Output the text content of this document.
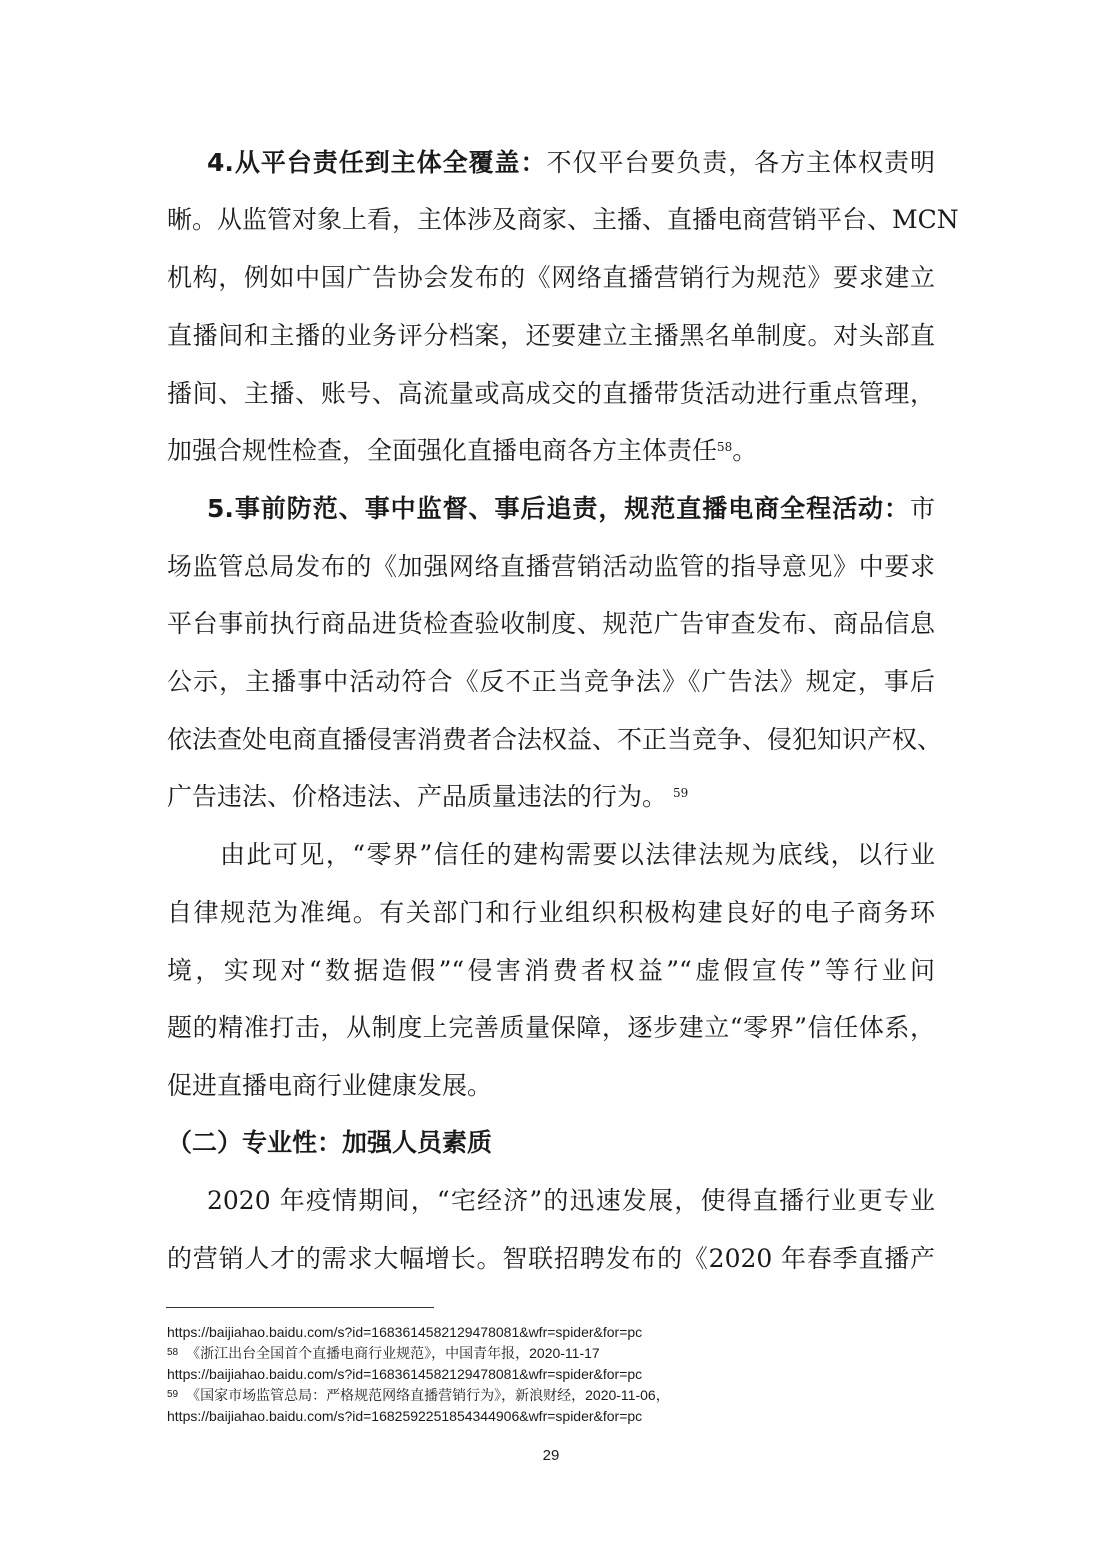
4.从平台责任到主体全覆盖：不仅平台要负责，各方主体权责明
晰。从监管对象上看，主体涉及商家、主播、直播电商营销平台、MCN
机构，例如中国广告协会发布的《网络直播营销行为规范》要求建立
直播间和主播的业务评分档案，还要建立主播黑名单制度。对头部直
播间、主播、账号、高流量或高成交的直播带货活动进行重点管理，
加强合规性检查，全面强化直播电商各方主体责任$^{58}$。
5.事前防范、事中监督、事后追责，规范直播电商全程活动：市
场监管总局发布的《加强网络直播营销活动监管的指导意见》中要求
平台事前执行商品进货检查验收制度、规范广告审查发布、商品信息
公示，主播事中活动符合《反不正当竞争法》《广告法》规定，事后
依法查处电商直播侵害消费者合法权益、不正当竞争、侵犯知识产权、
广告违法、价格违法、产品质量违法的行为。 $^{59}$
由此可见，“零界”信任的建构需要以法律法规为底线，以行业
自律规范为准绳。有关部门和行业组织积极构建良好的电子商务环
境，实现对“数据造假”“侵害消费者权益”“虚假宣传”等行业问
题的精准打击，从制度上完善质量保障，逐步建立“零界”信任体系，
促进直播电商行业健康发展。
（二）专业性：加强人员素质
2020 年疫情期间，“宅经济”的迅速发展，使得直播行业更专业
的营销人才的需求大幅增长。智联招聘发布的《2020 年春季直播产
https://baijiahao.baidu.com/s?id=1683614582129478081&wfr=spider&for=pc
$^{58}$ 《浙江出台全国首个直播电商行业规范》，中国青年报，2020-11-17
https://baijiahao.baidu.com/s?id=1683614582129478081&wfr=spider&for=pc
$^{59}$ 《国家市场监管总局：严格规范网络直播营销行为》，新浪财经，2020-11-06，
https://baijiahao.baidu.com/s?id=1682592251854344906&wfr=spider&for=pc
29
